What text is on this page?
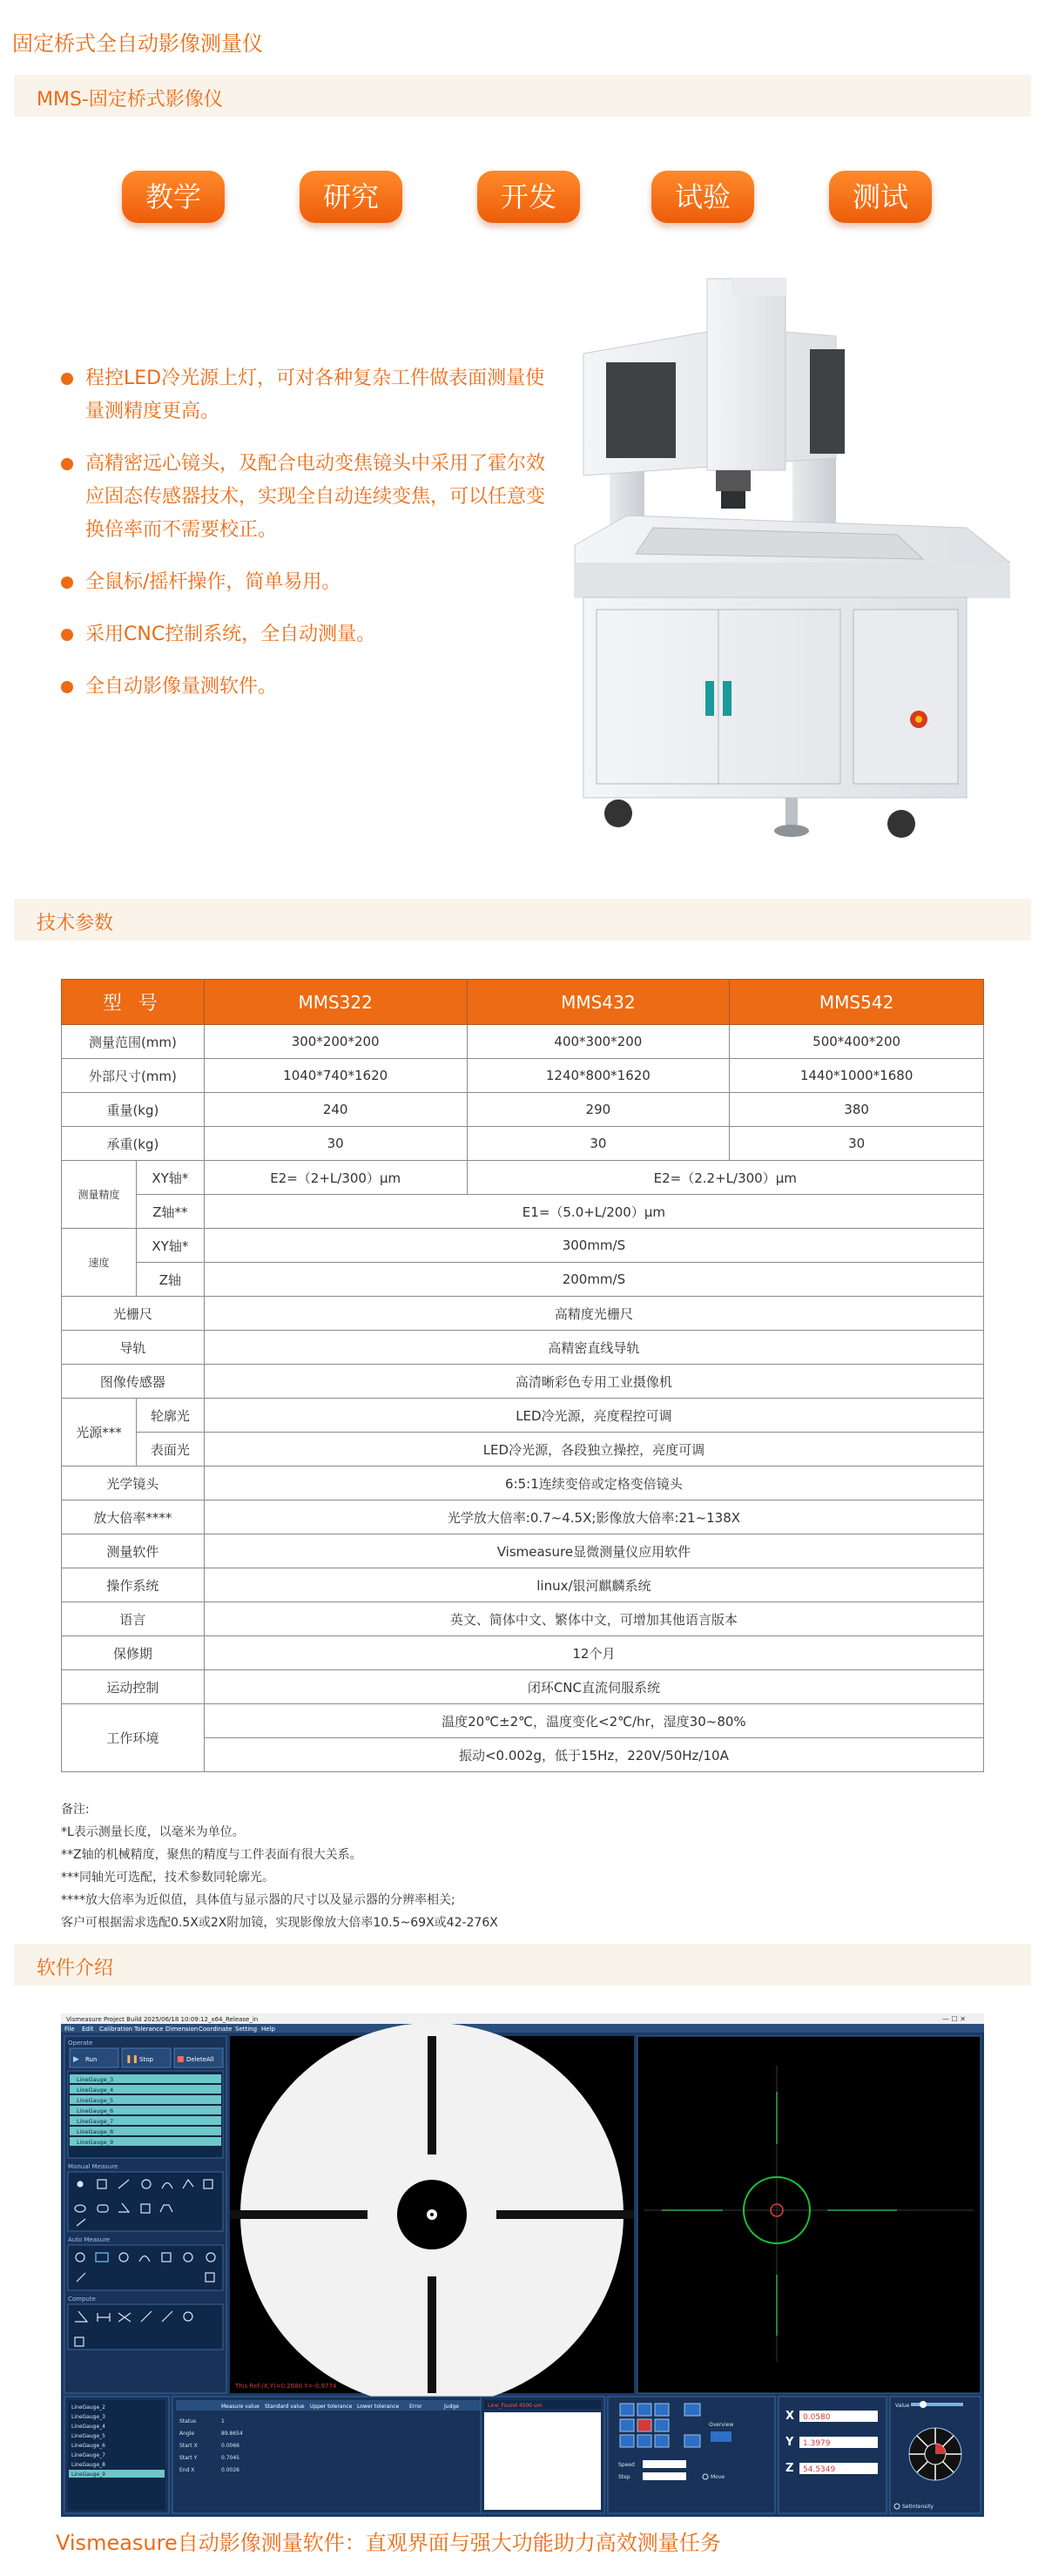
固定桥式全自动影像测量仪
MMS-固定桥式影像仪
教学	研究	开发	试验	测试
程控LED冷光源上灯，可对各种复杂工件做表面测量使量测精度更高。
高精密远心镜头，及配合电动变焦镜头中采用了霍尔效应固态传感器技术，实现全自动连续变焦，可以任意变换倍率而不需要校正。
全鼠标/摇杆操作，简单易用。
采用CNC控制系统，全自动测量。
全自动影像量测软件。
技术参数
型 号		MMS322	MMS432	MMS542
测量范围(mm)		300*200*200	400*300*200	500*400*200
外部尺寸(mm)		1040*740*1620	1240*800*1620	1440*1000*1680
重量(kg)		240	290	380
承重(kg)		30	30	30
测量精度	XY轴*	E2=（2+L/300）μm	E2=（2.2+L/300）μm	
	Z轴**	E1=（5.0+L/200）μm		
速度	XY轴*	300mm/S		
	Z轴	200mm/S		
光栅尺		高精度光栅尺		
导轨		高精密直线导轨		
图像传感器		高清晰彩色专用工业摄像机		
光源***	轮廓光	LED冷光源，亮度程控可调		
	表面光	LED冷光源，各段独立操控，亮度可调		
光学镜头		6:5:1连续变倍或定格变倍镜头		
放大倍率****		光学放大倍率:0.7~4.5X;影像放大倍率:21~138X		
测量软件		Vismeasure显微测量仪应用软件		
操作系统		linux/银河麒麟系统		
语言		英文、简体中文、繁体中文，可增加其他语言版本		
保修期		12个月		
运动控制		闭环CNC直流伺服系统		
工作环境		温度20℃±2℃，温度变化<2℃/hr，湿度30~80%		
		振动<0.002g，低于15Hz，220V/50Hz/10A		
备注:
*L表示测量长度，以毫米为单位。
**Z轴的机械精度，聚焦的精度与工件表面有很大关系。
***同轴光可选配，技术参数同轮廓光。
****放大倍率为近似值，具体值与显示器的尺寸以及显示器的分辨率相关;
客户可根据需求选配0.5X或2X附加镜，实现影像放大倍率10.5~69X或42-276X
软件介绍
Vismeasure Project Build 2025/06/18 10:09:12_x64_Release_in	— ☐ ✕
File Edit Calibration Tolerance Dimension Coordinate Setting Help
Operate
▶ Run	❚❚ Stop	■ DeleteAll
LineGauge_3
LineGauge_4
LineGauge_5
LineGauge_6
LineGauge_7
LineGauge_8
LineGauge_9
Manual Measure
Auto Measure
Compute
This Ref:(X,Y)=0.2680 Y=-0.9774
LineGauge_2
LineGauge_3
LineGauge_4
LineGauge_5
LineGauge_6
LineGauge_7
LineGauge_8
LineGauge_9
Measure value Standard value Upper tolerance Lower tolerance Error	Judge
Status	1
Angle	89.8654
Start X	0.0066
Start Y	0.7045
End X	0.0026
Line_Found 4500 um
Overview
Speed
Step	Move
X 0.0580
Y 1.3979
Z 54.5349
Value
SetIntensity
Vismeasure自动影像测量软件：直观界面与强大功能助力高效测量任务
